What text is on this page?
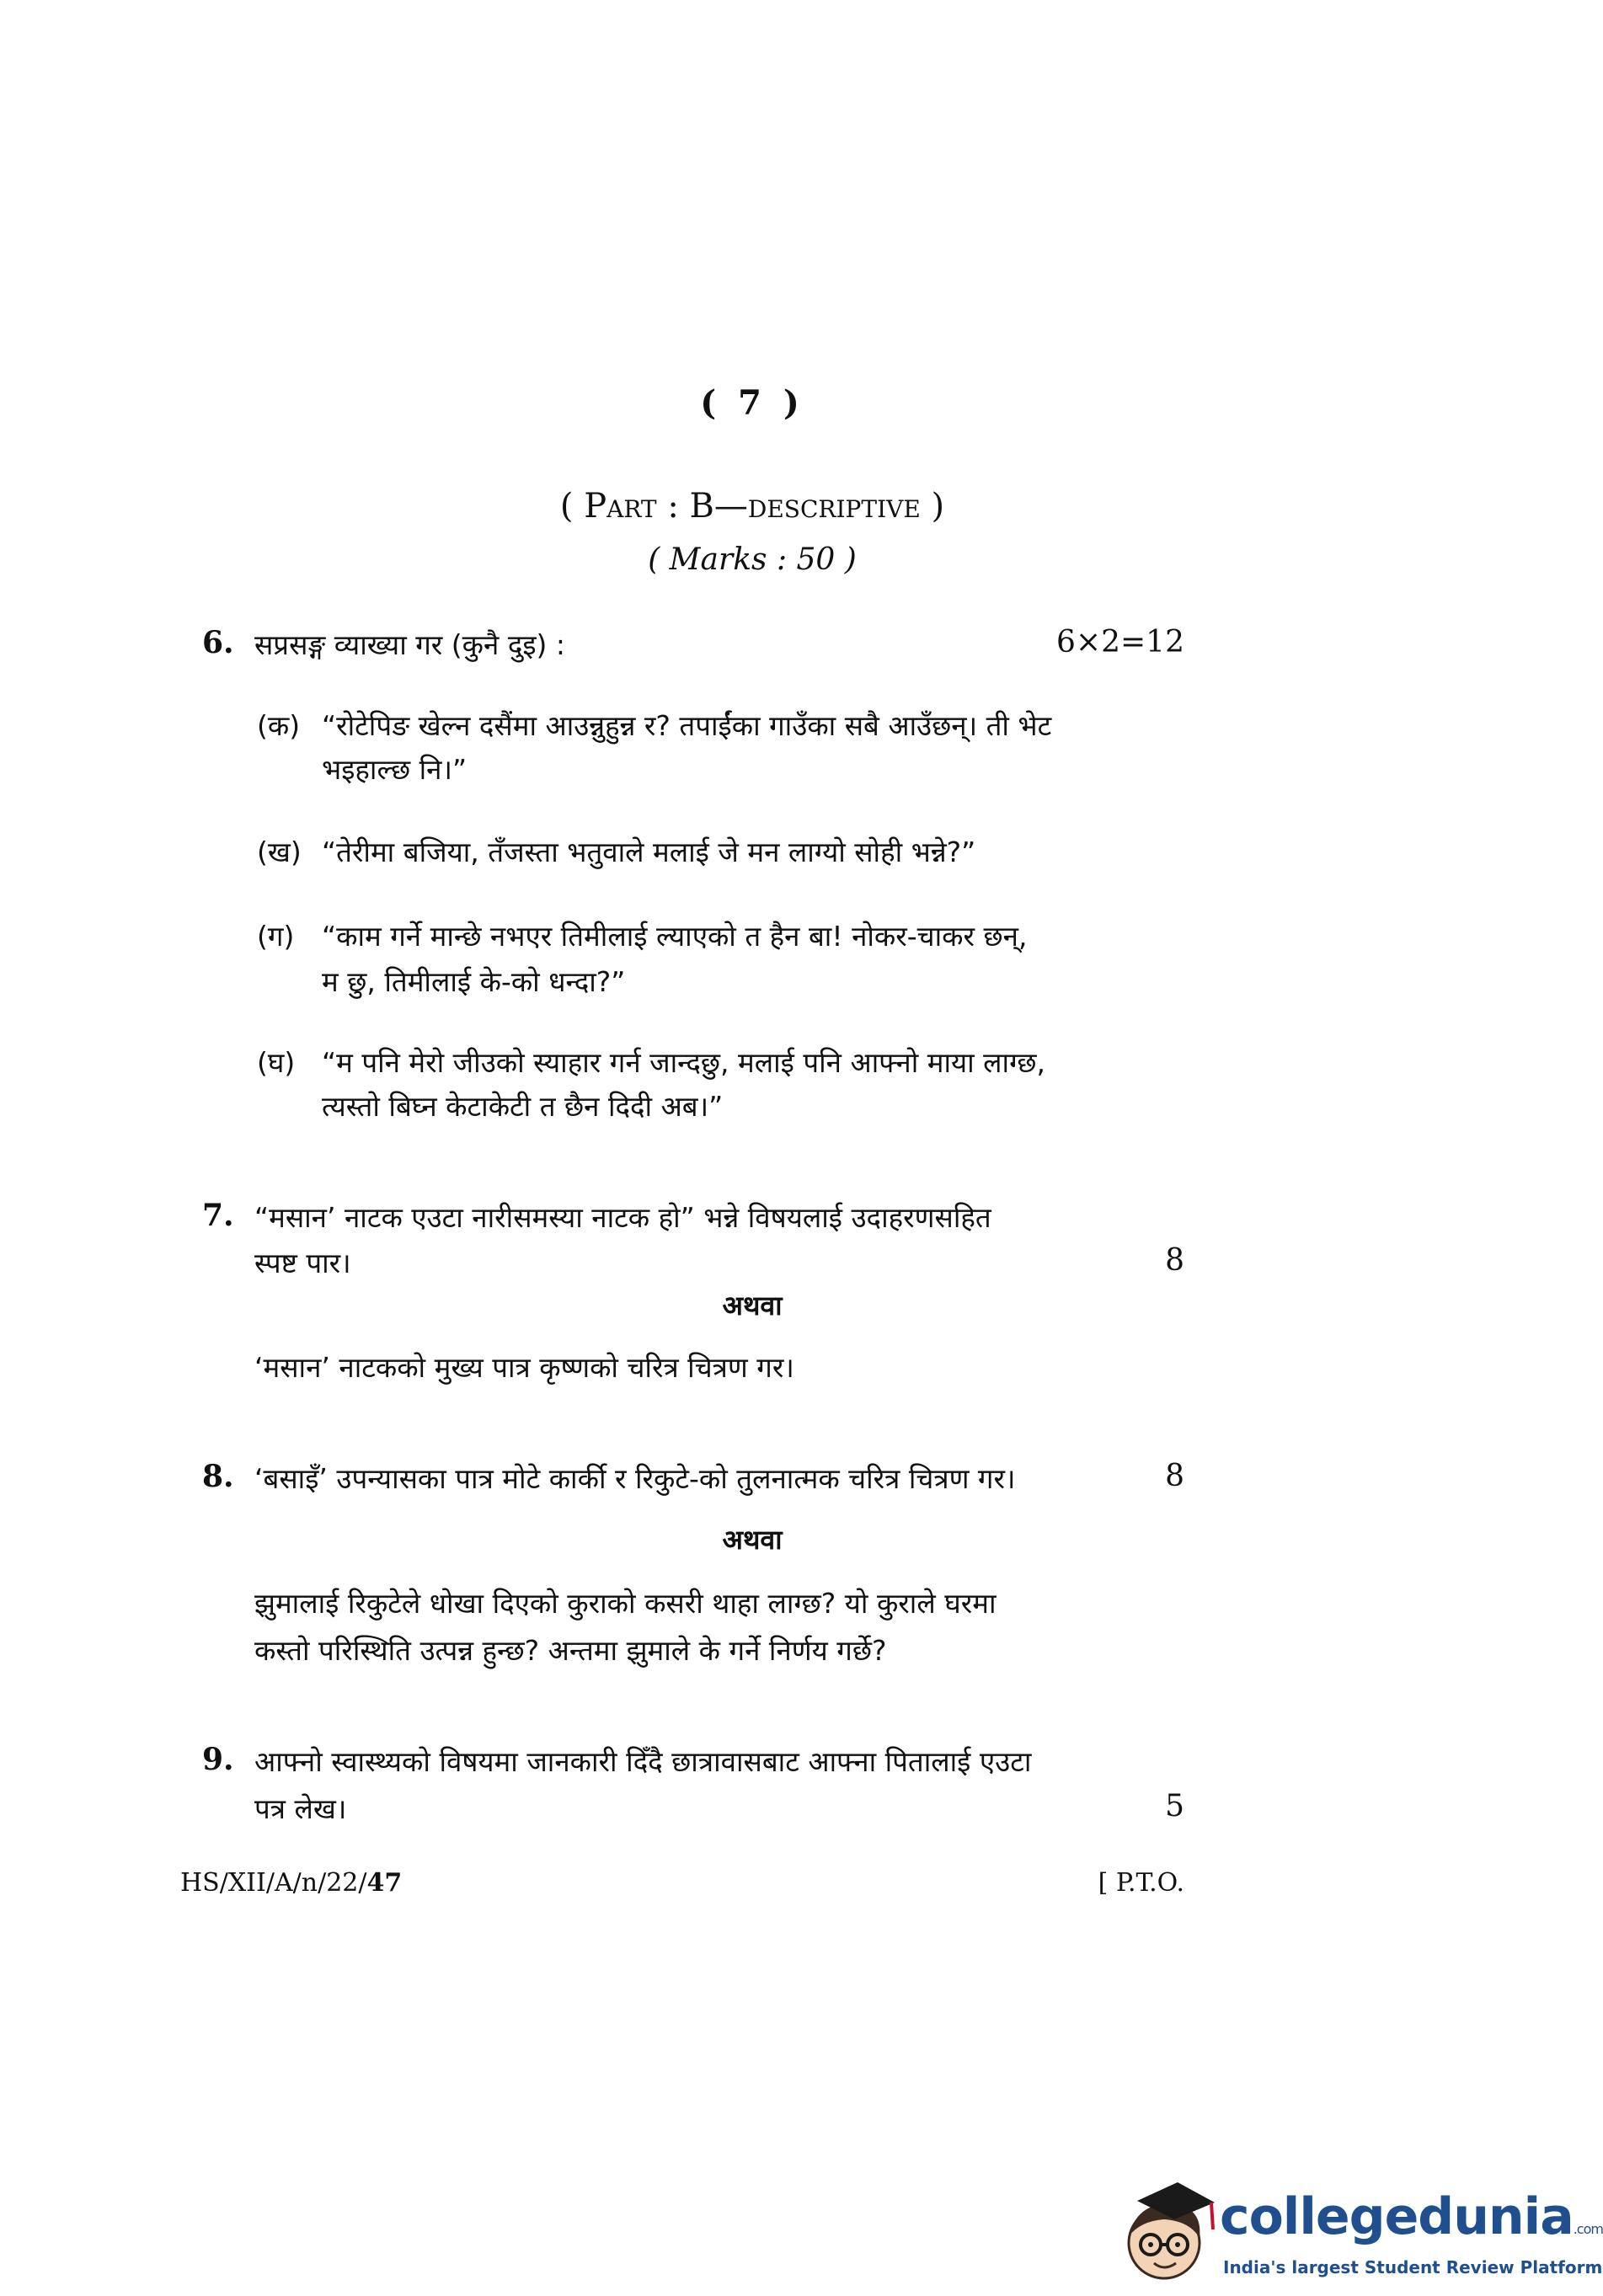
( 7 )
( Part : B—descriptive )
( Marks : 50 )
6. सप्रसङ्ग व्याख्या गर (कुनै दुइ) :	6×2=12
(क) “रोटेपिङ खेल्न दसैंमा आउन्नुहुन्न र? तपाईंका गाउँका सबै आउँछन्। ती भेट
भइहाल्छ नि।”
(ख) “तेरीमा बजिया, तँजस्ता भतुवाले मलाई जे मन लाग्यो सोही भन्ने?”
(ग) “काम गर्ने मान्छे नभएर तिमीलाई ल्याएको त हैन बा! नोकर-चाकर छन्,
म छु, तिमीलाई के-को धन्दा?”
(घ) “म पनि मेरो जीउको स्याहार गर्न जान्दछु, मलाई पनि आफ्नो माया लाग्छ,
त्यस्तो बिघ्न केटाकेटी त छैन दिदी अब।”
7. “मसान’ नाटक एउटा नारीसमस्या नाटक हो” भन्ने विषयलाई उदाहरणसहित
स्पष्ट पार।	8
अथवा
‘मसान’ नाटकको मुख्य पात्र कृष्णको चरित्र चित्रण गर।
8. ‘बसाइँ’ उपन्यासका पात्र मोटे कार्की र रिकुटे-को तुलनात्मक चरित्र चित्रण गर।	8
अथवा
झुमालाई रिकुटेले धोखा दिएको कुराको कसरी थाहा लाग्छ? यो कुराले घरमा
कस्तो परिस्थिति उत्पन्न हुन्छ? अन्तमा झुमाले के गर्ने निर्णय गर्छे?
9. आफ्नो स्वास्थ्यको विषयमा जानकारी दिँदै छात्रावासबाट आफ्ना पितालाई एउटा
पत्र लेख।	5
HS/XII/A/n/22/47	[ P.T.O.
collegedunia.com
India's largest Student Review Platform
